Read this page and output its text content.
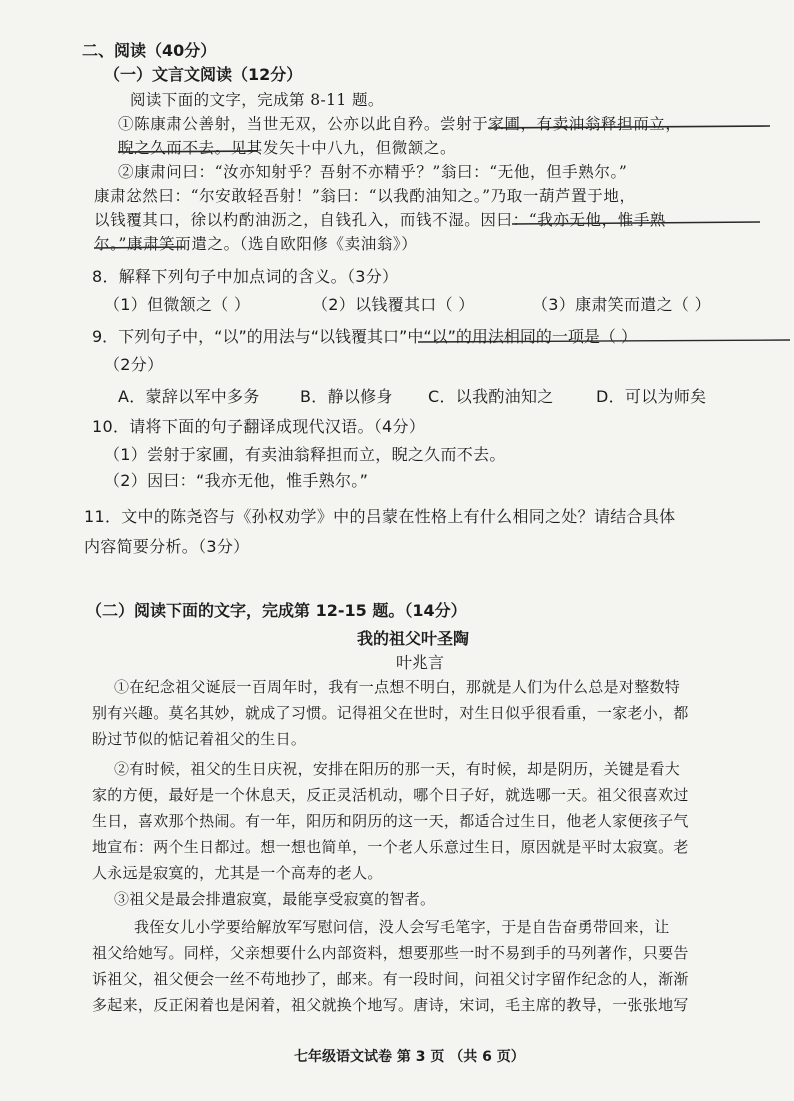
二、阅读（40分）
（一）文言文阅读（12分）
阅读下面的文字，完成第 8-11 题。
①陈康肃公善射，当世无双，公亦以此自矜。尝射于家圃，有卖油翁释担而立，
睨之久而不去。见其发矢十中八九，但微颔之。
②康肃问曰：“汝亦知射乎？吾射不亦精乎？”翁曰：“无他，但手熟尔。”
康肃忿然曰：“尔安敢轻吾射！”翁曰：“以我酌油知之。”乃取一葫芦置于地，
以钱覆其口，徐以杓酌油沥之，自钱孔入，而钱不湿。因曰：“我亦无他，惟手熟
尔。”康肃笑而遣之。（选自欧阳修《卖油翁》）
8．解释下列句子中加点词的含义。（3分）
（1）但微颔之（ ）	（2）以钱覆其口（ ）	（3）康肃笑而遣之（ ）
9．下列句子中，“以”的用法与“以钱覆其口”中“以”的用法相同的一项是（ ）
（2分）
A．蒙辞以军中多务	B．静以修身 C．以我酌油知之	D．可以为师矣
10．请将下面的句子翻译成现代汉语。（4分）
（1）尝射于家圃，有卖油翁释担而立，睨之久而不去。
（2）因曰：“我亦无他，惟手熟尔。”
11．文中的陈尧咨与《孙权劝学》中的吕蒙在性格上有什么相同之处？请结合具体
内容简要分析。（3分）
（二）阅读下面的文字，完成第 12-15 题。（14分）
我的祖父叶圣陶
叶兆言
①在纪念祖父诞辰一百周年时，我有一点想不明白，那就是人们为什么总是对整数特
别有兴趣。莫名其妙，就成了习惯。记得祖父在世时，对生日似乎很看重，一家老小，都
盼过节似的惦记着祖父的生日。
②有时候，祖父的生日庆祝，安排在阳历的那一天，有时候，却是阴历，关键是看大
家的方便，最好是一个休息天，反正灵活机动，哪个日子好，就选哪一天。祖父很喜欢过
生日，喜欢那个热闹。有一年，阳历和阴历的这一天，都适合过生日，他老人家便孩子气
地宣布：两个生日都过。想一想也简单，一个老人乐意过生日，原因就是平时太寂寞。老
人永远是寂寞的，尤其是一个高寿的老人。
③祖父是最会排遣寂寞，最能享受寂寞的智者。
我侄女儿小学要给解放军写慰问信，没人会写毛笔字，于是自告奋勇带回来，让
祖父给她写。同样，父亲想要什么内部资料，想要那些一时不易到手的马列著作，只要告
诉祖父，祖父便会一丝不苟地抄了，邮来。有一段时间，问祖父讨字留作纪念的人，渐渐
多起来，反正闲着也是闲着，祖父就换个地写。唐诗，宋词，毛主席的教导，一张张地写
七年级语文试卷 第 3 页 （共 6 页）
